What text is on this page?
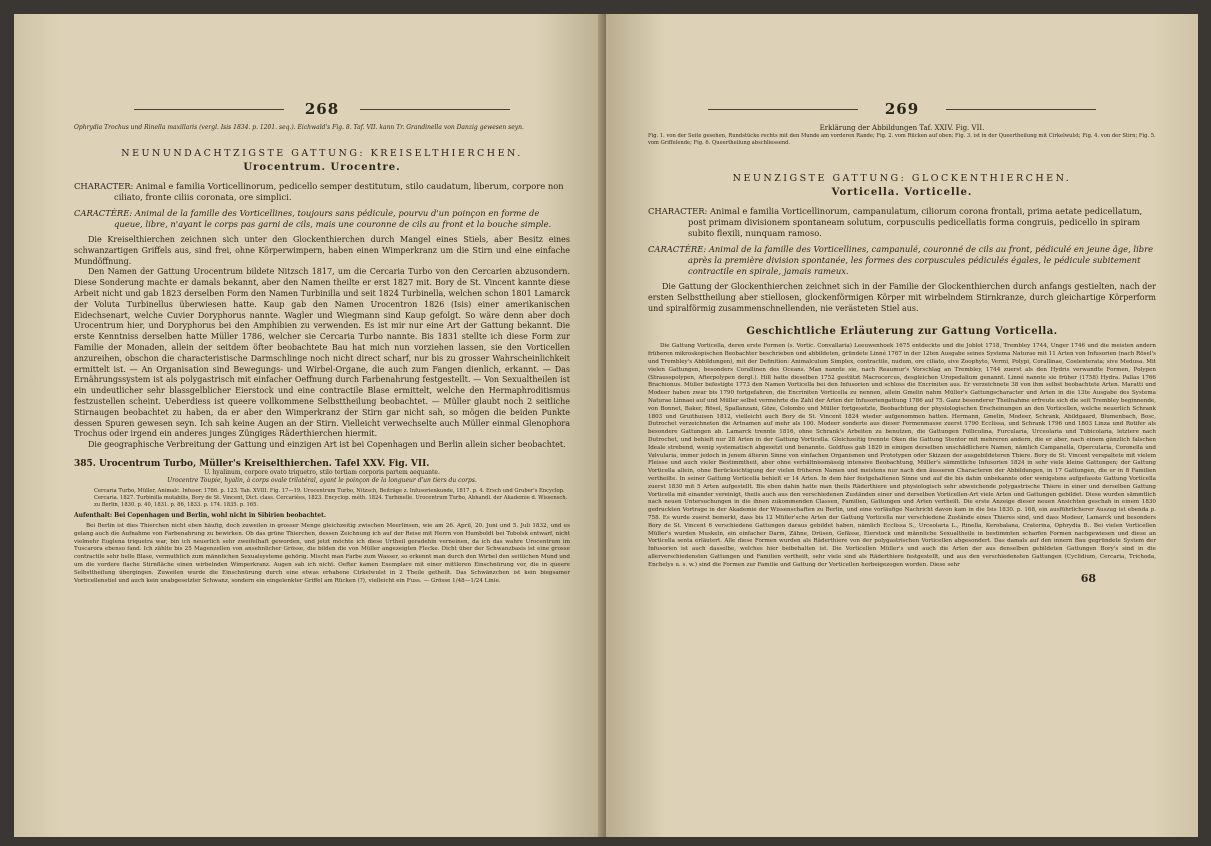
268

Ophrydia Trochus und Rinella maxillaris (vergl. Isis 1834. p. 1201. seq.). Eichwald's Fig. 8. Taf. VII. kann Tr. Grandinella von Danzig gewesen seyn.

NEUNUNDACHTZIGSTE GATTUNG: KREISELTHIERCHEN.
Urocentrum. Urocentre.

CHARACTER: Animal e familia Vorticellinorum, pedicello semper destitutum, stilo caudatum, liberum, corpore non ciliato, fronte ciliis coronata, ore simplici.

CARACTÈRE: Animal de la famille des Vorticellines, toujours sans pédicule, pourvu d'un poinçon en forme de queue, libre, n'ayant le corps pas garni de cils, mais une couronne de cils au front et la bouche simple.

Die Kreiselthierchen zeichnen sich unter den Glockenthierchen durch Mangel eines Stiels, aber Besitz eines schwanzartigen Griffels aus, sind frei, ohne Körperwimpern, haben einen Wimperkranz um die Stirn und eine einfache Mundöffnung.

Den Namen der Gattung Urocentrum bildete Nitzsch 1817, um die Cercaria Turbo von den Cercarien abzusondern. Diese Sonderung machte er damals bekannt, aber den Namen theilte er erst 1827 mit. Bory de St. Vincent kannte diese Arbeit nicht und gab 1823 derselben Form den Namen Turbinilla und seit 1824 Turbinella, welchen schon 1801 Lamarck der Voluta Turbinellus überwiesen hatte. Kaup gab den Namen Urocentron 1826 (Isis) einer amerikanischen Eidechsenart, welche Cuvier Doryphorus nannte. Wagler und Wiegmann sind Kaup gefolgt. So wäre denn aber doch Urocentrum hier, und Doryphorus bei den Amphibien zu verwenden. Es ist mir nur eine Art der Gattung bekannt. Die erste Kenntniss derselben hatte Müller 1786, welcher sie Cercaria Turbo nannte. Bis 1831 stellte ich diese Form zur Familie der Monaden, allein der seitdem öfter beobachtete Bau hat mich nun vorziehen lassen, sie den Vorticellen anzureihen, obschon die characteristische Darmschlinge noch nicht direct scharf, nur bis zu grosser Wahrscheinlichkeit ermittelt ist. — An Organisation sind Bewegungs- und Wirbel-Organe, die auch zum Fangen dienlich, erkannt. — Das Ernährungssystem ist als polygastrisch mit einfacher Oeffnung durch Farbenahrung festgestellt. — Von Sexualtheilen ist ein undeutlicher sehr blassgelblicher Eierstock und eine contractile Blase ermittelt, welche den Hermaphroditismus festzustellen scheint. Ueberdiess ist queere vollkommene Selbsttheilung beobachtet. — Müller glaubt noch 2 seitliche Stirnaugen beobachtet zu haben, da er aber den Wimperkranz der Stirn gar nicht sah, so mögen die beiden Punkte dessen Spuren gewesen seyn. Ich sah keine Augen an der Stirn. Vielleicht verwechselte auch Müller einmal Glenophora Trochus oder irgend ein anderes junges Züngiges Räderthierchen hiermit.

Die geographische Verbreitung der Gattung und einzigen Art ist bei Copenhagen und Berlin allein sicher beobachtet.

385. Urocentrum Turbo, Müller's Kreiselthierchen. Tafel XXV. Fig. VII.

U. hyalinum, corpore ovato triquetro, stilo tertiam corporis partem aequante.

Urocentre Toupie, hyalin, à corps ovale trilatéral, ayant le poinçon de la longueur d'un tiers du corps.

Cercaria Turbo, Müller, Animalc. Infusor. 1786. p. 123. Tab. XVIII. Fig. 17—19. Urocentrum Turbo, Nitzsch, Beiträge z. Infusorienkunde, 1817. p. 4. Ersch und Gruber's Encyclop. Cercaria. 1827. Turbinilla mutabilis, Bory de St. Vincent, Dict. class. Cercariées, 1823. Encyclop. méth. 1824. Turbinelle. Urocentrum Turbo, Abhandl. der Akademie d. Wissensch. zu Berlin, 1830. p. 40, 1831. p. 86, 1833. p. 174. 1835. p. 165.

Aufenthalt: Bei Copenhagen und Berlin, wohl nicht in Sibirien beobachtet.

Bei Berlin ist dies Thierchen nicht eben häufig, doch zuweilen in grosser Menge gleichzeitig zwischen Meerlinsen, wie am 26. April, 20. Juni und 5. Juli 1832, und es gelang auch die Aufnahme von Farbenahrung zu bewirken. Ob das grüne Thierchen, dessen Zeichnung ich auf der Reise mit Herrn von Humboldt bei Tobolsk entwarf, nicht vielmehr Euglena triquetra war, bin ich neuerlich sehr zweifelhaft geworden, und jetzt möchte ich diese Urtheil geradehin verneinen, da ich das wahre Urocentrum im Tuscarora ebenso fand. Ich zählte bis 25 Magenzellen von ansehnlicher Grösse, die bilden die von Müller angezeigten Flecke. Dicht über der Schwanzbasis ist eine grosse contractile sehr helle Blase, vermuthlich zum männlichen Sexualsysteme gehörig. Mischt man Farbe zum Wasser, so erkennt man durch den Wirbel den seitlichen Mund und um die vordere flache Stirnfläche einen wirbelnden Wimperkranz. Augen sah ich nicht. Oefter kamen Exemplare mit einer mittleren Einschnürung vor, die in queere Selbsttheilung übergingen. Zuweilen wurde die Einschnürung durch eine etwas erhabene Cirkelwulst in 2 Theile getheilt. Das Schwänzchen ist kein biegsamer Vorticellenstiel und auch kein unabgesetzter Schwanz, sondern ein eingelenkter Griffel am Rücken (?), vielleicht ein Fuss. — Grösse 1/48—1/24 Linie.

269

Erklärung der Abbildungen Taf. XXIV. Fig. VII.

Fig. 1. von der Seite gesehen, Rundstücke rechts mit den Munde am vorderen Rande; Fig. 2. vom Rücken auf oben; Fig. 3. ist in der Queertheilung mit Cirkelwulst; Fig. 4. von der Stirn; Fig. 5. vom Griffelende; Fig. 6. Queertheilung abschliessend.

NEUNZIGSTE GATTUNG: GLOCKENTHIERCHEN.
Vorticella. Vorticelle.

CHARACTER: Animal e familia Vorticellinorum, campanulatum, ciliorum corona frontali, prima aetate pedicellatum, post primam divisionem spontaneam solutum, corpusculis pedicellatis forma congruis, pedicello in spiram subito flexili, nunquam ramoso.

CARACTÈRE: Animal de la famille des Vorticellines, campanulé, couronné de cils au front, pédiculé en jeune âge, libre après la première division spontanée, les formes des corpuscules pédiculés égales, le pédicule subitement contractile en spirale, jamais rameux.

Die Gattung der Glockenthierchen zeichnet sich in der Familie der Glockenthierchen durch anfangs gestielten, nach der ersten Selbsttheilung aber stiellosen, glockenförmigen Körper mit wirbelndem Stirnkranze, durch gleichartige Körperform und spiralförmig zusammenschnellenden, nie verästeten Stiel aus.

Geschichtliche Erläuterung zur Gattung Vorticella.

Die Gattung Vorticella, deren erste Formen (s. Vortic. Convallaria) Leeuwenhoek 1675 entdeckte und die Joblot 1718, Trembley 1744, Unger 1746 und die meisten andern früheren mikroskopischen Beobachter beschrieben und abbildeten, gründete Linné 1767 in der 12ten Ausgabe seines Systema Naturae mit 11 Arten von Infusorien (nach Rösel's und Trembley's Abbildungen), mit der Definition: Animalculum Simplex, contractile, nudum, ore ciliato, sive Zoophyto, Vermi, Polypi, Corallinae, Coelenterata; sive Medusa. Mit vielen Gattungen, besonders Corallinen des Oceans. Man nannte sie, nach Reaumur's Vorschlag an Trembley, 1744 zuerst als den Hydris verwandte Formen, Polypen (Strausspolypen, Afterpolypen dergl.). Hill hatte dieselben 1752 gestützt Macrocercus, desgleichen Uropedalium genannt. Linné nannte sie früher (1758) Hydra. Pallas 1766 Brachionus. Müller befestigte 1773 den Namen Vorticella bei den Infusorien und schloss die Encriniten aus. Er verzeichnete 38 von ihm selbst beobachtete Arten. Maratti und Modeer haben zwar bis 1790 fortgefahren, die Encriniten Vorticella zu nennen, allein Gmelin nahm Müller's Gattungscharacter und Arten in die 13te Ausgabe des Systema Naturae Linnaei auf und Müller selbst vermehrte die Zahl der Arten der Infusoriengattung 1786 auf 75. Ganz besonderer Theilnahme erfreute sich die seit Trembley beginnende, von Bonnet, Baker, Rösel, Spallanzani, Göze, Colombo und Müller fortgesetzte, Beobachtung der physiologischen Erscheinungen an den Vorticellen, welche neuerlich Schrank 1803 und Gruithuisen 1812, vielleicht auch Bory de St. Vincent 1824 wieder aufgenommen hatten. Hermann, Gmelin, Modeer, Schrank, Abildgaard, Blumenbach, Bosc, Dutrochet verzeichneten die Artnamen auf mehr als 100. Modeer sonderte aus dieser Formenmasse zuerst 1790 Ecclissa, und Schrank 1796 und 1803 Linza und Rotifer als besondere Gattungen ab. Lamarck trennte 1816, ohne Schrank's Arbeiten zu benutzen, die Gattungen Folliculina, Furcularia, Urceolaria und Tubicolaria, letztere nach Dutrochet, und behielt nur 28 Arten in der Gattung Vorticella. Gleichzeitig trennte Oken die Gattung Stentor mit mehreren andern, die er aber, nach einem gänzlich falschen Ideale strebend, wenig systematisch abgesetzt und benannte. Goldfuss gab 1820 in einigen derselben unschädlichere Namen, nämlich Campanella, Opercularia, Coronella und Valvularia, immer jedoch in jenem älteren Sinne von einfachen Organismen und Prototypen oder Skizzen der ausgebildeteren Thiere. Bory de St. Vincent verspaltete mit vielem Fleisse und auch vieler Bestimmtheit, aber ohne verhältnissmässig intensive Beobachtung, Müller's sämmtliche Infusorien 1824 in sehr viele kleine Gattungen; der Gattung Vorticella allein, ohne Berücksichtigung der vielen früheren Namen und meistens nur nach den äusseren Characteren der Abbildungen, in 17 Gattungen, die er in 8 Familien vertheilte. In seiner Gattung Vorticella behielt er 14 Arten. In dem hier festgehaltenen Sinne und auf die bis dahin unbekannte oder wenigstens aufgefasste Gattung Vorticella zuerst 1830 mit 5 Arten aufgestellt. Bis eben dahin hatte man theils Räderthiere und physiologisch sehr abweichende polygastrische Thiere in einer und derselben Gattung Vorticella mit einander vereinigt, theils auch aus den verschiedenen Zuständen einer und derselben Vorticellen-Art viele Arten und Gattungen gebildet. Diese wurden sämmtlich nach neuen Untersuchungen in die ihnen zukommenden Classen, Familien, Gattungen und Arten vertheilt. Die erste Anzeige dieser neuen Ansichten geschah in einem 1830 gedruckten Vortrage in der Akademie der Wissenschaften zu Berlin, und eine vorläufige Nachricht davon kam in die Isis 1830. p. 168, ein ausführlicherer Auszug ist ebenda p. 758. Es wurde zuerst bemerkt, dass bis 12 Müller'sche Arten der Gattung Vorticella nur verschiedene Zustände eines Thieres sind, und dass Modeer, Lamarck und besonders Bory de St. Vincent 6 verschiedene Gattungen daraus gebildet haben, nämlich Ecclissa S., Urceolaria L., Rinella, Kerobalana, Craterina, Ophrydia B.. Bei vielen Vorticellen Müller's wurden Muskeln, ein einfacher Darm, Zähne, Drüsen, Gefässe, Eierstock und männliche Sexualtheile in bestimmten scharfen Formen nachgewiesen und diese an Vorticella senta erläutert. Alle diese Formen wurden als Räderthiere von der polygastrischen Vorticellen abgesondert. Das damals auf den innern Bau gegründete System der Infusorien ist auch dasselbe, welches hier beibehalten ist. Die Vorticellen Müller's und auch die Arten der aus denselben gebildeten Gattungen Bory's sind in die allerverschiedensten Gattungen und Familien vertheilt, sehr viele sind als Räderthiere festgestellt, und aus den verschiedensten Gattungen (Cyclidium, Cercaria, Trichoda, Enchelys u. s. w.) sind die Formen zur Familie und Gattung der Vorticellen herbeigezogen worden. Diese sehr

68
